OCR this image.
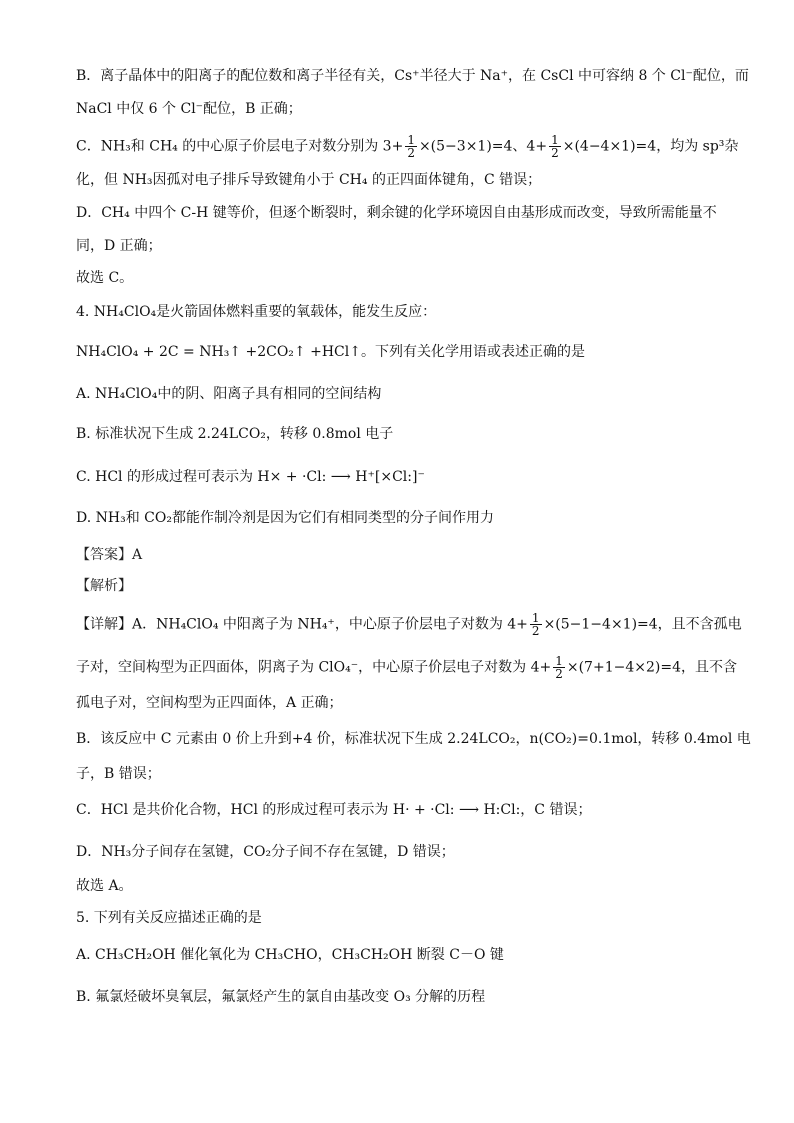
B．离子晶体中的阳离子的配位数和离子半径有关，Cs⁺半径大于 Na⁺，在 CsCl 中可容纳 8 个 Cl⁻配位，而
NaCl 中仅 6 个 Cl⁻配位，B 正确；
C．NH₃和 CH₄ 的中心原子价层电子对数分别为 $3+ \frac{1}{2} \times(5-3\times 1)=4$、$4+ \frac{1}{2} \times(4-4\times 1)=4$，均为 sp³杂
化，但 NH₃因孤对电子排斥导致键角小于 CH₄ 的正四面体键角，C 错误；
D．CH₄ 中四个 C-H 键等价，但逐个断裂时，剩余键的化学环境因自由基形成而改变，导致所需能量不
同，D 正确；
故选 C。
4. NH₄ClO₄是火箭固体燃料重要的氧载体，能发生反应：
NH₄ClO₄ + 2C = NH₃↑ +2CO₂↑ +HCl↑。下列有关化学用语或表述正确的是
A. NH₄ClO₄中的阴、阳离子具有相同的空间结构
B. 标准状况下生成 2.24LCO₂，转移 0.8mol 电子
C. HCl 的形成过程可表示为 H× + ·Cl: ⟶ H⁺[×Cl:]⁻
D. NH₃和 CO₂都能作制冷剂是因为它们有相同类型的分子间作用力
【答案】A
【解析】
【详解】A．NH₄ClO₄ 中阳离子为 NH₄⁺，中心原子价层电子对数为 $4+ \frac{1}{2} \times(5-1-4\times 1)=4$，且不含孤电
子对，空间构型为正四面体，阴离子为 ClO₄⁻，中心原子价层电子对数为 $4+ \frac{1}{2} \times(7+1-4\times 2)=4$，且不含
孤电子对，空间构型为正四面体，A 正确；
B．该反应中 C 元素由 0 价上升到+4 价，标准状况下生成 2.24LCO₂，n(CO₂)=0.1mol，转移 0.4mol 电
子，B 错误；
C．HCl 是共价化合物，HCl 的形成过程可表示为 H· + ·Cl: ⟶ H:Cl:，C 错误；
D．NH₃分子间存在氢键，CO₂分子间不存在氢键，D 错误；
故选 A。
5. 下列有关反应描述正确的是
A. CH₃CH₂OH 催化氧化为 CH₃CHO，CH₃CH₂OH 断裂 C－O 键
B. 氟氯烃破坏臭氧层，氟氯烃产生的氯自由基改变 O₃ 分解的历程
